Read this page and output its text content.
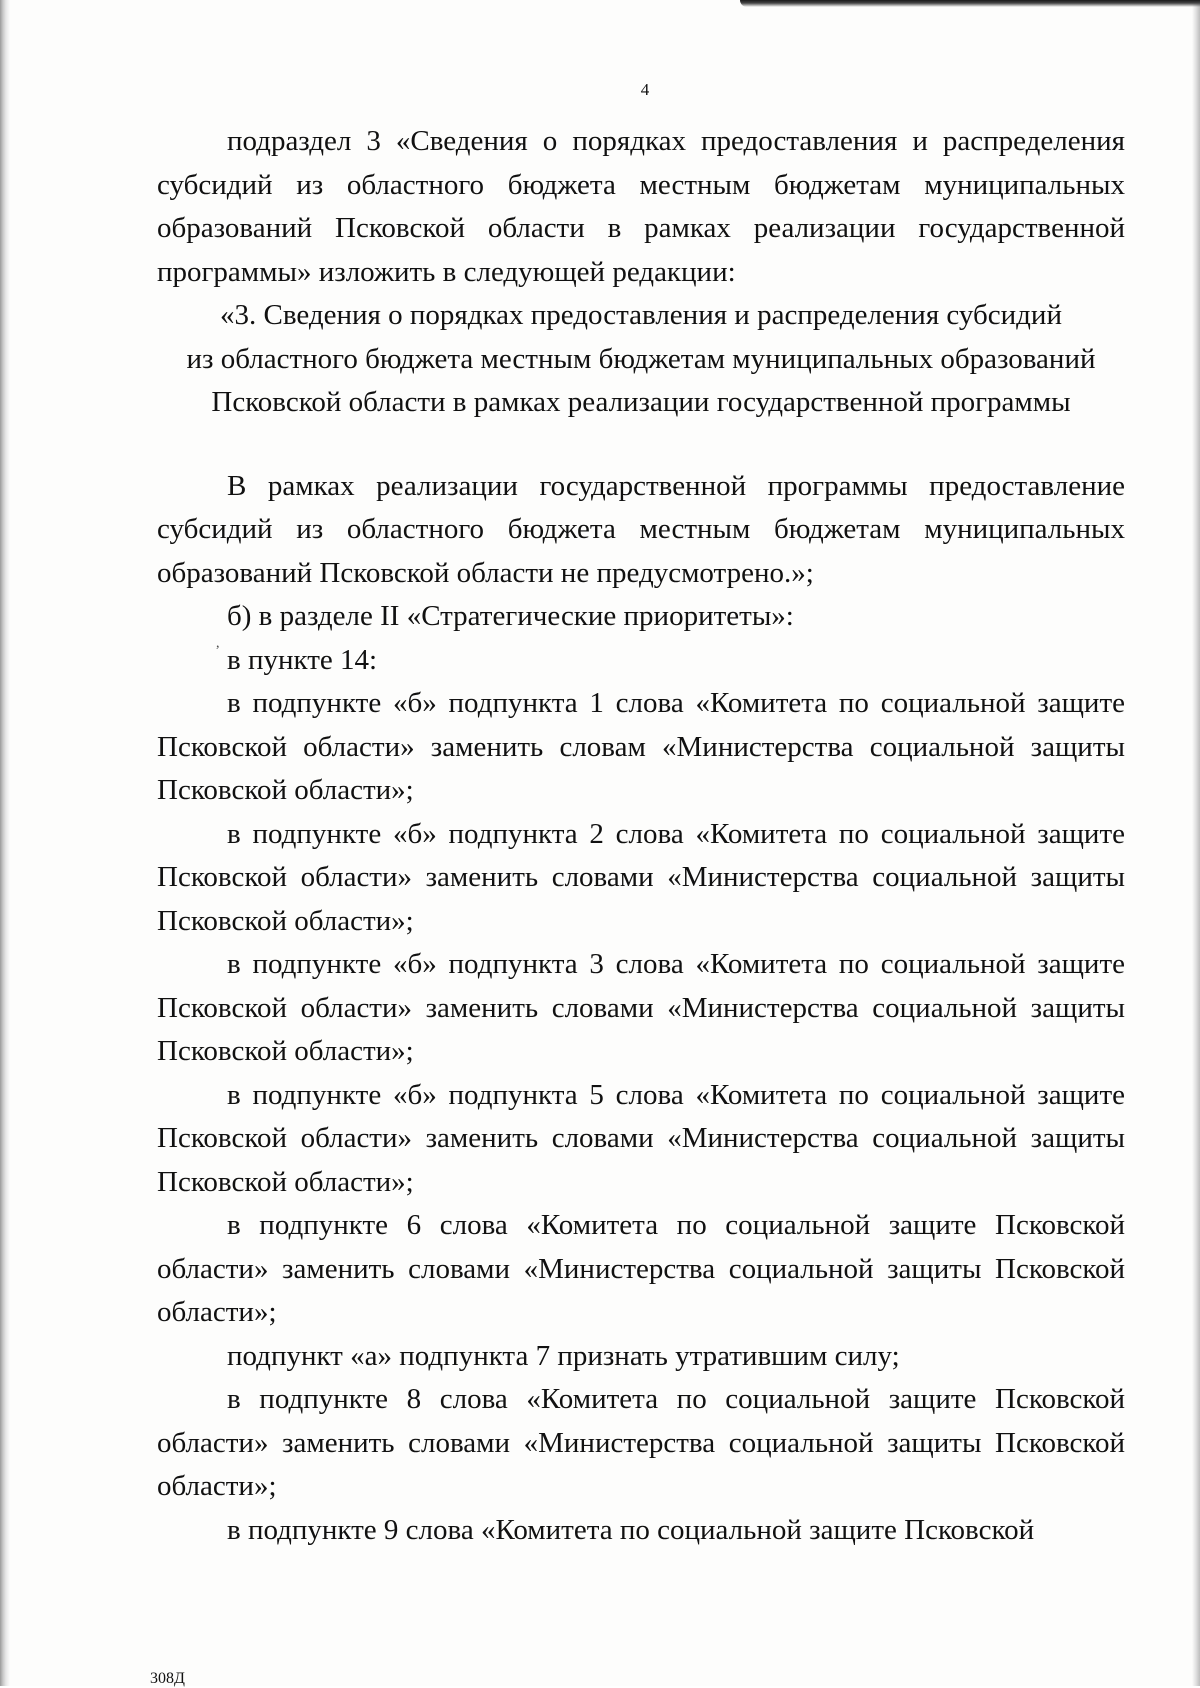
4
,

подраздел 3 «Сведения о порядках предоставления и распределения субсидий из областного бюджета местным бюджетам муниципальных образований Псковской области в рамках реализации государственной программы» изложить в следующей редакции:

«3. Сведения о порядках предоставления и распределения субсидий
из областного бюджета местным бюджетам муниципальных образований
Псковской области в рамках реализации государственной программы

В рамках реализации государственной программы предоставление субсидий из областного бюджета местным бюджетам муниципальных образований Псковской области не предусмотрено.»;

б) в разделе II «Стратегические приоритеты»:

в пункте 14:

в подпункте «б» подпункта 1 слова «Комитета по социальной защите Псковской области» заменить словам «Министерства социальной защиты Псковской области»;

в подпункте «б» подпункта 2 слова «Комитета по социальной защите Псковской области» заменить словами «Министерства социальной защиты Псковской области»;

в подпункте «б» подпункта 3 слова «Комитета по социальной защите Псковской области» заменить словами «Министерства социальной защиты Псковской области»;

в подпункте «б» подпункта 5 слова «Комитета по социальной защите Псковской области» заменить словами «Министерства социальной защиты Псковской области»;

в подпункте 6 слова «Комитета по социальной защите Псковской области» заменить словами «Министерства социальной защиты Псковской области»;

подпункт «а» подпункта 7 признать утратившим силу;

в подпункте 8 слова «Комитета по социальной защите Псковской области» заменить словами «Министерства социальной защиты Псковской области»;

в подпункте 9 слова «Комитета по социальной защите Псковской

308Д
